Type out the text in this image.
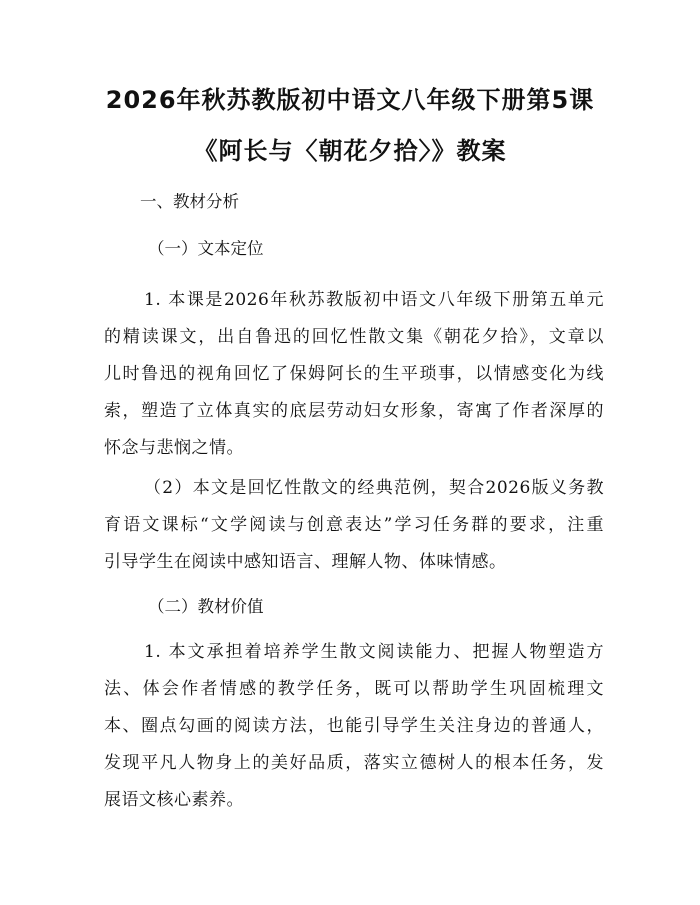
2026年秋苏教版初中语文八年级下册第5课
《阿长与〈朝花夕拾〉》教案

一、教材分析

（一）文本定位

1. 本课是2026年秋苏教版初中语文八年级下册第五单元
的精读课文，出自鲁迅的回忆性散文集《朝花夕拾》，文章以
儿时鲁迅的视角回忆了保姆阿长的生平琐事，以情感变化为线
索，塑造了立体真实的底层劳动妇女形象，寄寓了作者深厚的
怀念与悲悯之情。
（2）本文是回忆性散文的经典范例，契合2026版义务教
育语文课标“文学阅读与创意表达”学习任务群的要求，注重
引导学生在阅读中感知语言、理解人物、体味情感。

（二）教材价值

1. 本文承担着培养学生散文阅读能力、把握人物塑造方
法、体会作者情感的教学任务，既可以帮助学生巩固梳理文
本、圈点勾画的阅读方法，也能引导学生关注身边的普通人，
发现平凡人物身上的美好品质，落实立德树人的根本任务，发
展语文核心素养。
